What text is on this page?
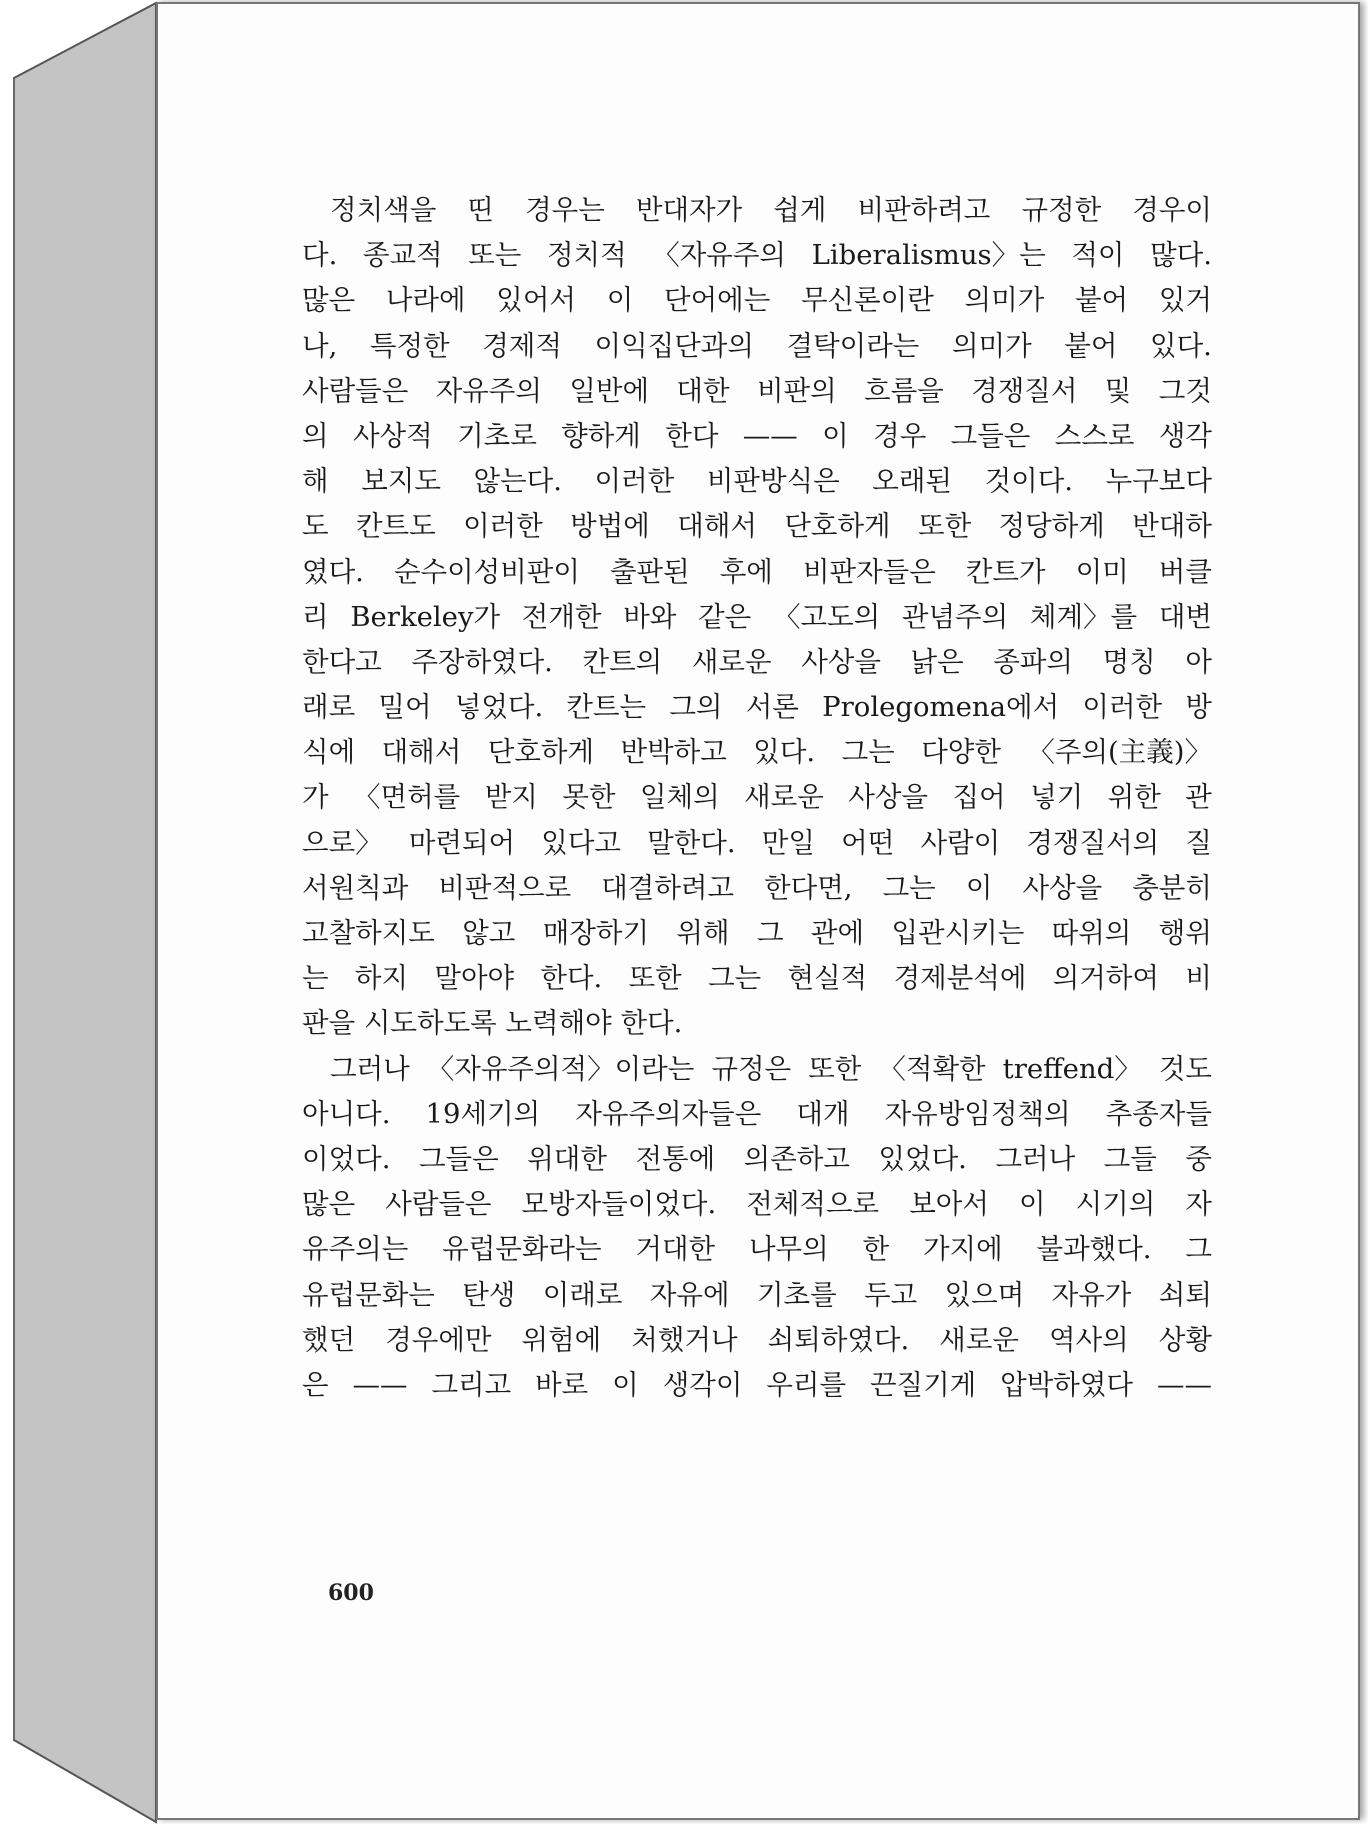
정치색을 띤 경우는 반대자가 쉽게 비판하려고 규정한 경우이
다. 종교적 또는 정치적 〈자유주의 Liberalismus〉는 적이 많다.
많은 나라에 있어서 이 단어에는 무신론이란 의미가 붙어 있거
나, 특정한 경제적 이익집단과의 결탁이라는 의미가 붙어 있다.
사람들은 자유주의 일반에 대한 비판의 흐름을 경쟁질서 및 그것
의 사상적 기초로 향하게 한다 —— 이 경우 그들은 스스로 생각
해 보지도 않는다. 이러한 비판방식은 오래된 것이다. 누구보다
도 칸트도 이러한 방법에 대해서 단호하게 또한 정당하게 반대하
였다. 순수이성비판이 출판된 후에 비판자들은 칸트가 이미 버클
리 Berkeley가 전개한 바와 같은 〈고도의 관념주의 체계〉를 대변
한다고 주장하였다. 칸트의 새로운 사상을 낡은 종파의 명칭 아
래로 밀어 넣었다. 칸트는 그의 서론 Prolegomena에서 이러한 방
식에 대해서 단호하게 반박하고 있다. 그는 다양한 〈주의(主義)〉
가 〈면허를 받지 못한 일체의 새로운 사상을 집어 넣기 위한 관
으로〉 마련되어 있다고 말한다. 만일 어떤 사람이 경쟁질서의 질
서원칙과 비판적으로 대결하려고 한다면, 그는 이 사상을 충분히
고찰하지도 않고 매장하기 위해 그 관에 입관시키는 따위의 행위
는 하지 말아야 한다. 또한 그는 현실적 경제분석에 의거하여 비
판을 시도하도록 노력해야 한다.
그러나 〈자유주의적〉이라는 규정은 또한 〈적확한 treffend〉 것도
아니다. 19세기의 자유주의자들은 대개 자유방임정책의 추종자들
이었다. 그들은 위대한 전통에 의존하고 있었다. 그러나 그들 중
많은 사람들은 모방자들이었다. 전체적으로 보아서 이 시기의 자
유주의는 유럽문화라는 거대한 나무의 한 가지에 불과했다. 그
유럽문화는 탄생 이래로 자유에 기초를 두고 있으며 자유가 쇠퇴
했던 경우에만 위험에 처했거나 쇠퇴하였다. 새로운 역사의 상황
은 —— 그리고 바로 이 생각이 우리를 끈질기게 압박하였다 ——
600
